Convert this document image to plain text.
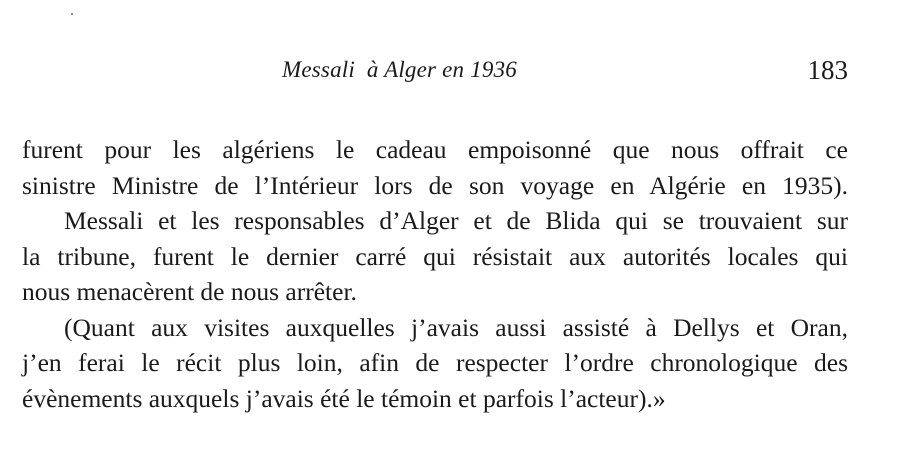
Messali  à Alger en 1936	183
furent pour les algériens le cadeau empoisonné que nous offrait ce
sinistre Ministre de l’Intérieur lors de son voyage en Algérie en 1935).
Messali et les responsables d’Alger et de Blida qui se trouvaient sur
la tribune, furent le dernier carré qui résistait aux autorités locales qui
nous menacèrent de nous arrêter.
(Quant aux visites auxquelles j’avais aussi assisté à Dellys et Oran,
j’en ferai le récit plus loin, afin de respecter l’ordre chronologique des
évènements auxquels j’avais été le témoin et parfois l’acteur).»
